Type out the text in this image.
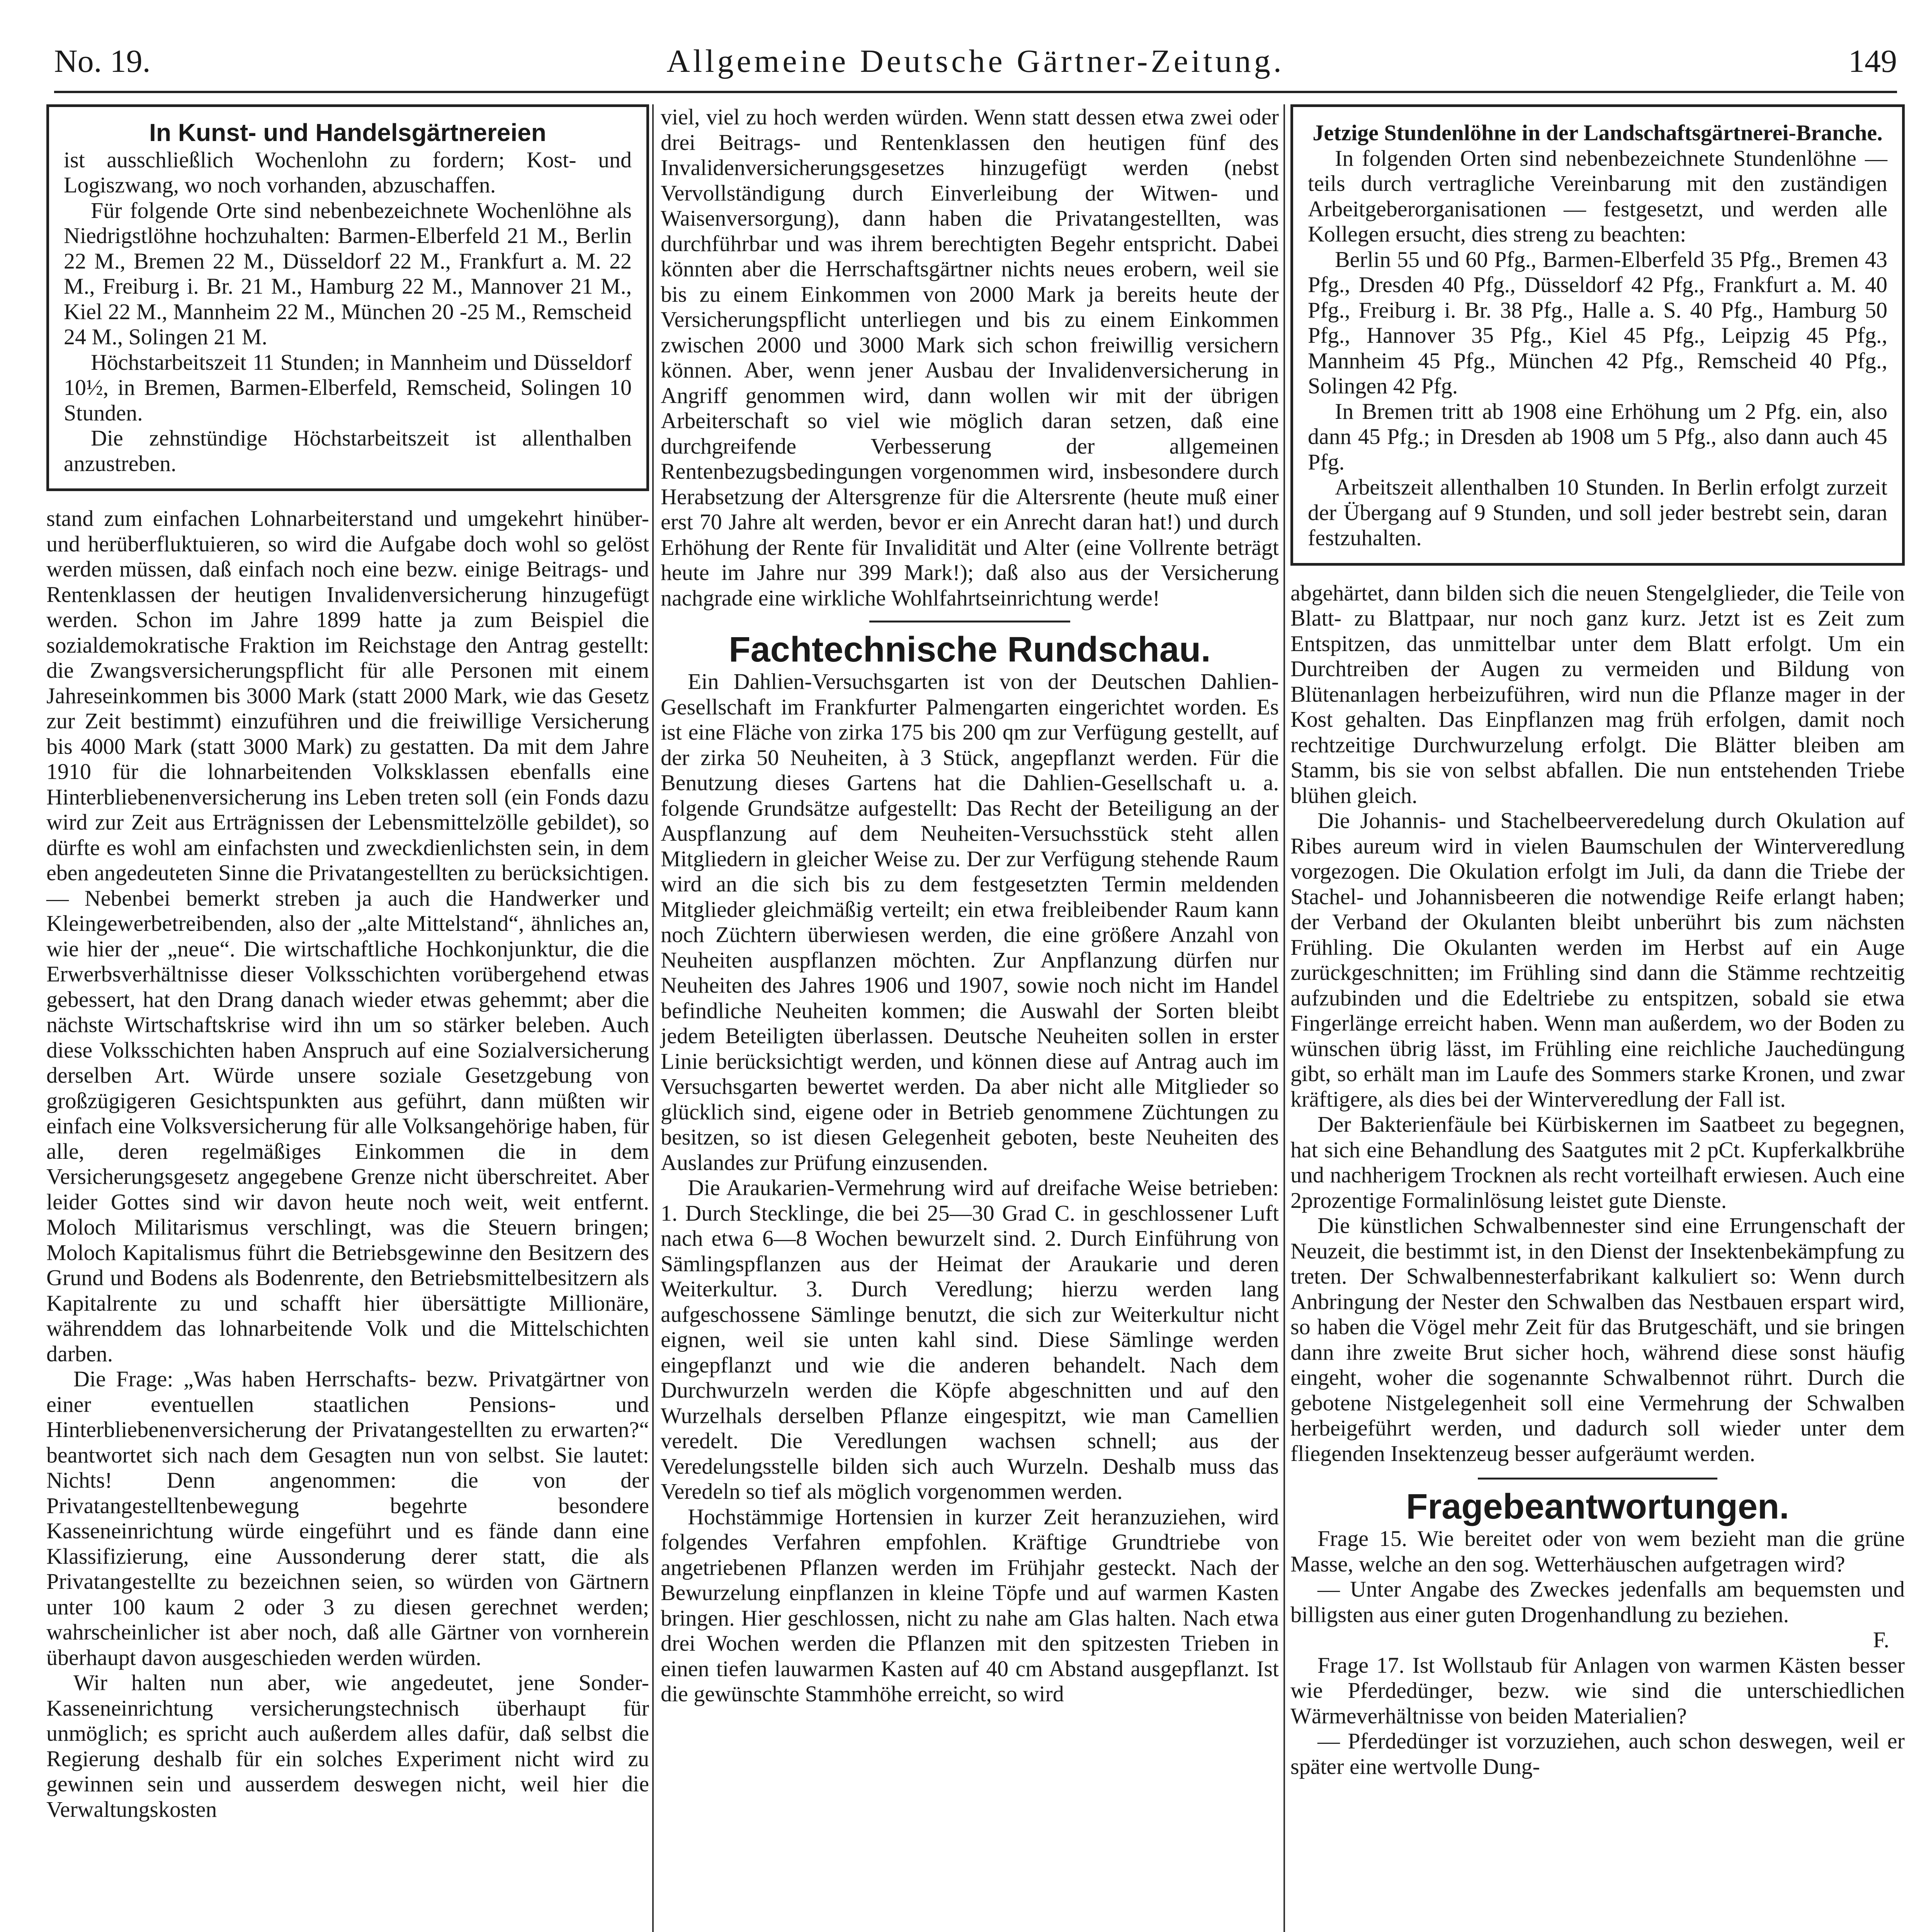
No. 19.	Allgemeine Deutsche Gärtner-Zeitung.	149
In Kunst- und Handelsgärtnereien

ist ausschließlich Wochenlohn zu fordern; Kost- und Logiszwang, wo noch vorhanden, abzuschaffen.

Für folgende Orte sind nebenbezeichnete Wochenlöhne als Niedrigstlöhne hochzuhalten: Barmen-Elberfeld 21 M., Berlin 22 M., Bremen 22 M., Düsseldorf 22 M., Frankfurt a. M. 22 M., Freiburg i. Br. 21 M., Hamburg 22 M., Mannover 21 M., Kiel 22 M., Mannheim 22 M., München 20 -25 M., Remscheid 24 M., Solingen 21 M.

Höchstarbeitszeit 11 Stunden; in Mannheim und Düsseldorf 10½, in Bremen, Barmen-Elberfeld, Remscheid, Solingen 10 Stunden.

Die zehnstündige Höchstarbeitszeit ist allenthalben anzustreben.

stand zum einfachen Lohnarbeiterstand und umgekehrt hinüber- und herüberfluktuieren, so wird die Aufgabe doch wohl so gelöst werden müssen, daß einfach noch eine bezw. einige Beitrags- und Rentenklassen der heutigen Invalidenversicherung hinzugefügt werden. Schon im Jahre 1899 hatte ja zum Beispiel die sozialdemokratische Fraktion im Reichstage den Antrag gestellt: die Zwangsversicherungspflicht für alle Personen mit einem Jahreseinkommen bis 3000 Mark (statt 2000 Mark, wie das Gesetz zur Zeit bestimmt) einzuführen und die freiwillige Versicherung bis 4000 Mark (statt 3000 Mark) zu gestatten. Da mit dem Jahre 1910 für die lohnarbeitenden Volksklassen ebenfalls eine Hinterbliebenenversicherung ins Leben treten soll (ein Fonds dazu wird zur Zeit aus Erträgnissen der Lebensmittelzölle gebildet), so dürfte es wohl am einfachsten und zweckdienlichsten sein, in dem eben angedeuteten Sinne die Privatangestellten zu berücksichtigen. — Nebenbei bemerkt streben ja auch die Handwerker und Kleingewerbetreibenden, also der „alte Mittelstand“, ähnliches an, wie hier der „neue“. Die wirtschaftliche Hochkonjunktur, die die Erwerbsverhältnisse dieser Volksschichten vorübergehend etwas gebessert, hat den Drang danach wieder etwas gehemmt; aber die nächste Wirtschaftskrise wird ihn um so stärker beleben. Auch diese Volksschichten haben Anspruch auf eine Sozialversicherung derselben Art. Würde unsere soziale Gesetzgebung von großzügigeren Gesichtspunkten aus geführt, dann müßten wir einfach eine Volksversicherung für alle Volksangehörige haben, für alle, deren regelmäßiges Einkommen die in dem Versicherungsgesetz angegebene Grenze nicht überschreitet. Aber leider Gottes sind wir davon heute noch weit, weit entfernt. Moloch Militarismus verschlingt, was die Steuern bringen; Moloch Kapitalismus führt die Betriebsgewinne den Besitzern des Grund und Bodens als Bodenrente, den Betriebsmittelbesitzern als Kapitalrente zu und schafft hier übersättigte Millionäre, währenddem das lohnarbeitende Volk und die Mittelschichten darben.

Die Frage: „Was haben Herrschafts- bezw. Privatgärtner von einer eventuellen staatlichen Pensions- und Hinterbliebenenversicherung der Privatangestellten zu erwarten?“ beantwortet sich nach dem Gesagten nun von selbst. Sie lautet: Nichts! Denn angenommen: die von der Privatangestelltenbewegung begehrte besondere Kasseneinrichtung würde eingeführt und es fände dann eine Klassifizierung, eine Aussonderung derer statt, die als Privatangestellte zu bezeichnen seien, so würden von Gärtnern unter 100 kaum 2 oder 3 zu diesen gerechnet werden; wahrscheinlicher ist aber noch, daß alle Gärtner von vornherein überhaupt davon ausgeschieden werden würden.

Wir halten nun aber, wie angedeutet, jene Sonder-Kasseneinrichtung versicherungstechnisch überhaupt für unmöglich; es spricht auch außerdem alles dafür, daß selbst die Regierung deshalb für ein solches Experiment nicht wird zu gewinnen sein und ausserdem deswegen nicht, weil hier die Verwaltungskosten

viel, viel zu hoch werden würden. Wenn statt dessen etwa zwei oder drei Beitrags- und Rentenklassen den heutigen fünf des Invalidenversicherungsgesetzes hinzugefügt werden (nebst Vervollständigung durch Einverleibung der Witwen- und Waisenversorgung), dann haben die Privatangestellten, was durchführbar und was ihrem berechtigten Begehr entspricht. Dabei könnten aber die Herrschaftsgärtner nichts neues erobern, weil sie bis zu einem Einkommen von 2000 Mark ja bereits heute der Versicherungspflicht unterliegen und bis zu einem Einkommen zwischen 2000 und 3000 Mark sich schon freiwillig versichern können. Aber, wenn jener Ausbau der Invalidenversicherung in Angriff genommen wird, dann wollen wir mit der übrigen Arbeiterschaft so viel wie möglich daran setzen, daß eine durchgreifende Verbesserung der allgemeinen Rentenbezugsbedingungen vorgenommen wird, insbesondere durch Herabsetzung der Altersgrenze für die Altersrente (heute muß einer erst 70 Jahre alt werden, bevor er ein Anrecht daran hat!) und durch Erhöhung der Rente für Invalidität und Alter (eine Vollrente beträgt heute im Jahre nur 399 Mark!); daß also aus der Versicherung nachgrade eine wirkliche Wohlfahrtseinrichtung werde!

Fachtechnische Rundschau.

Ein Dahlien-Versuchsgarten ist von der Deutschen Dahlien-Gesellschaft im Frankfurter Palmengarten eingerichtet worden. Es ist eine Fläche von zirka 175 bis 200 qm zur Verfügung gestellt, auf der zirka 50 Neuheiten, à 3 Stück, angepflanzt werden. Für die Benutzung dieses Gartens hat die Dahlien-Gesellschaft u. a. folgende Grundsätze aufgestellt: Das Recht der Beteiligung an der Auspflanzung auf dem Neuheiten-Versuchsstück steht allen Mitgliedern in gleicher Weise zu. Der zur Verfügung stehende Raum wird an die sich bis zu dem festgesetzten Termin meldenden Mitglieder gleichmäßig verteilt; ein etwa freibleibender Raum kann noch Züchtern überwiesen werden, die eine größere Anzahl von Neuheiten auspflanzen möchten. Zur Anpflanzung dürfen nur Neuheiten des Jahres 1906 und 1907, sowie noch nicht im Handel befindliche Neuheiten kommen; die Auswahl der Sorten bleibt jedem Beteiligten überlassen. Deutsche Neuheiten sollen in erster Linie berücksichtigt werden, und können diese auf Antrag auch im Versuchsgarten bewertet werden. Da aber nicht alle Mitglieder so glücklich sind, eigene oder in Betrieb genommene Züchtungen zu besitzen, so ist diesen Gelegenheit geboten, beste Neuheiten des Auslandes zur Prüfung einzusenden.

Die Araukarien-Vermehrung wird auf dreifache Weise betrieben: 1. Durch Stecklinge, die bei 25—30 Grad C. in geschlossener Luft nach etwa 6—8 Wochen bewurzelt sind. 2. Durch Einführung von Sämlingspflanzen aus der Heimat der Araukarie und deren Weiterkultur. 3. Durch Veredlung; hierzu werden lang aufgeschossene Sämlinge benutzt, die sich zur Weiterkultur nicht eignen, weil sie unten kahl sind. Diese Sämlinge werden eingepflanzt und wie die anderen behandelt. Nach dem Durchwurzeln werden die Köpfe abgeschnitten und auf den Wurzelhals derselben Pflanze eingespitzt, wie man Camellien veredelt. Die Veredlungen wachsen schnell; aus der Veredelungsstelle bilden sich auch Wurzeln. Deshalb muss das Veredeln so tief als möglich vorgenommen werden.

Hochstämmige Hortensien in kurzer Zeit heranzuziehen, wird folgendes Verfahren empfohlen. Kräftige Grundtriebe von angetriebenen Pflanzen werden im Frühjahr gesteckt. Nach der Bewurzelung einpflanzen in kleine Töpfe und auf warmen Kasten bringen. Hier geschlossen, nicht zu nahe am Glas halten. Nach etwa drei Wochen werden die Pflanzen mit den spitzesten Trieben in einen tiefen lauwarmen Kasten auf 40 cm Abstand ausgepflanzt. Ist die gewünschte Stammhöhe erreicht, so wird

Jetzige Stundenlöhne in der Landschaftsgärtnerei-Branche.

In folgenden Orten sind nebenbezeichnete Stundenlöhne — teils durch vertragliche Vereinbarung mit den zuständigen Arbeitgeberorganisationen — festgesetzt, und werden alle Kollegen ersucht, dies streng zu beachten:

Berlin 55 und 60 Pfg., Barmen-Elberfeld 35 Pfg., Bremen 43 Pfg., Dresden 40 Pfg., Düsseldorf 42 Pfg., Frankfurt a. M. 40 Pfg., Freiburg i. Br. 38 Pfg., Halle a. S. 40 Pfg., Hamburg 50 Pfg., Hannover 35 Pfg., Kiel 45 Pfg., Leipzig 45 Pfg., Mannheim 45 Pfg., München 42 Pfg., Remscheid 40 Pfg., Solingen 42 Pfg.

In Bremen tritt ab 1908 eine Erhöhung um 2 Pfg. ein, also dann 45 Pfg.; in Dresden ab 1908 um 5 Pfg., also dann auch 45 Pfg.

Arbeitszeit allenthalben 10 Stunden. In Berlin erfolgt zurzeit der Übergang auf 9 Stunden, und soll jeder bestrebt sein, daran festzuhalten.

abgehärtet, dann bilden sich die neuen Stengelglieder, die Teile von Blatt- zu Blattpaar, nur noch ganz kurz. Jetzt ist es Zeit zum Entspitzen, das unmittelbar unter dem Blatt erfolgt. Um ein Durchtreiben der Augen zu vermeiden und Bildung von Blütenanlagen herbeizuführen, wird nun die Pflanze mager in der Kost gehalten. Das Einpflanzen mag früh erfolgen, damit noch rechtzeitige Durchwurzelung erfolgt. Die Blätter bleiben am Stamm, bis sie von selbst abfallen. Die nun entstehenden Triebe blühen gleich.

Die Johannis- und Stachelbeerveredelung durch Okulation auf Ribes aureum wird in vielen Baumschulen der Winterveredlung vorgezogen. Die Okulation erfolgt im Juli, da dann die Triebe der Stachel- und Johannisbeeren die notwendige Reife erlangt haben; der Verband der Okulanten bleibt unberührt bis zum nächsten Frühling. Die Okulanten werden im Herbst auf ein Auge zurückgeschnitten; im Frühling sind dann die Stämme rechtzeitig aufzubinden und die Edeltriebe zu entspitzen, sobald sie etwa Fingerlänge erreicht haben. Wenn man außerdem, wo der Boden zu wünschen übrig lässt, im Frühling eine reichliche Jauchedüngung gibt, so erhält man im Laufe des Sommers starke Kronen, und zwar kräftigere, als dies bei der Winterveredlung der Fall ist.

Der Bakterienfäule bei Kürbiskernen im Saatbeet zu begegnen, hat sich eine Behandlung des Saatgutes mit 2 pCt. Kupferkalkbrühe und nachherigem Trocknen als recht vorteilhaft erwiesen. Auch eine 2prozentige Formalinlösung leistet gute Dienste.

Die künstlichen Schwalbennester sind eine Errungenschaft der Neuzeit, die bestimmt ist, in den Dienst der Insektenbekämpfung zu treten. Der Schwalbennesterfabrikant kalkuliert so: Wenn durch Anbringung der Nester den Schwalben das Nestbauen erspart wird, so haben die Vögel mehr Zeit für das Brutgeschäft, und sie bringen dann ihre zweite Brut sicher hoch, während diese sonst häufig eingeht, woher die sogenannte Schwalbennot rührt. Durch die gebotene Nistgelegenheit soll eine Vermehrung der Schwalben herbeigeführt werden, und dadurch soll wieder unter dem fliegenden Insektenzeug besser aufgeräumt werden.

Fragebeantwortungen.

Frage 15. Wie bereitet oder von wem bezieht man die grüne Masse, welche an den sog. Wetterhäuschen aufgetragen wird?

— Unter Angabe des Zweckes jedenfalls am bequemsten und billigsten aus einer guten Drogenhandlung zu beziehen.

F.

Frage 17. Ist Wollstaub für Anlagen von warmen Kästen besser wie Pferdedünger, bezw. wie sind die unterschiedlichen Wärmeverhältnisse von beiden Materialien?

— Pferdedünger ist vorzuziehen, auch schon deswegen, weil er später eine wertvolle Dung-
